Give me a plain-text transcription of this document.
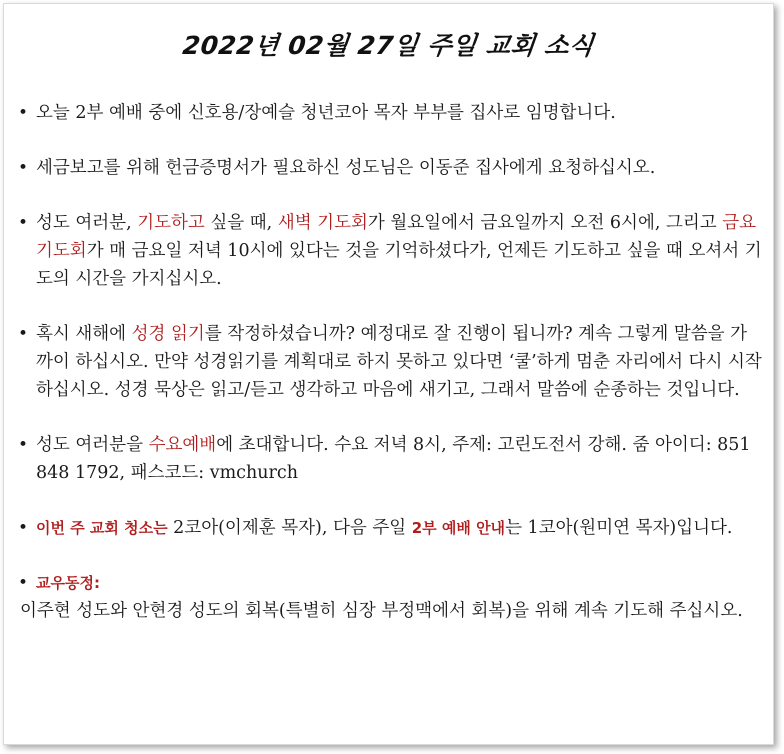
2022년 02월 27일 주일 교회 소식
• 오늘 2부 예배 중에 신호용/장예슬 청년코아 목자 부부를 집사로 임명합니다.
• 세금보고를 위해 헌금증명서가 필요하신 성도님은 이동준 집사에게 요청하십시오.
• 성도 여러분, 기도하고 싶을 때, 새벽 기도회가 월요일에서 금요일까지 오전 6시에, 그리고 금요기도회가 매 금요일 저녁 10시에 있다는 것을 기억하셨다가, 언제든 기도하고 싶을 때 오셔서 기도의 시간을 가지십시오.
• 혹시 새해에 성경 읽기를 작정하셨습니까? 예정대로 잘 진행이 됩니까? 계속 그렇게 말씀을 가까이 하십시오. 만약 성경읽기를 계획대로 하지 못하고 있다면 ‘쿨’하게 멈춘 자리에서 다시 시작하십시오. 성경 묵상은 읽고/듣고 생각하고 마음에 새기고, 그래서 말씀에 순종하는 것입니다.
• 성도 여러분을 수요예배에 초대합니다. 수요 저녁 8시, 주제: 고린도전서 강해. 줌 아이디: 851 848 1792, 패스코드: vmchurch
• 이번 주 교회 청소는 2코아(이제훈 목자), 다음 주일 2부 예배 안내는 1코아(원미연 목자)입니다.
• 교우동정:
이주현 성도와 안현경 성도의 회복(특별히 심장 부정맥에서 회복)을 위해 계속 기도해 주십시오.
